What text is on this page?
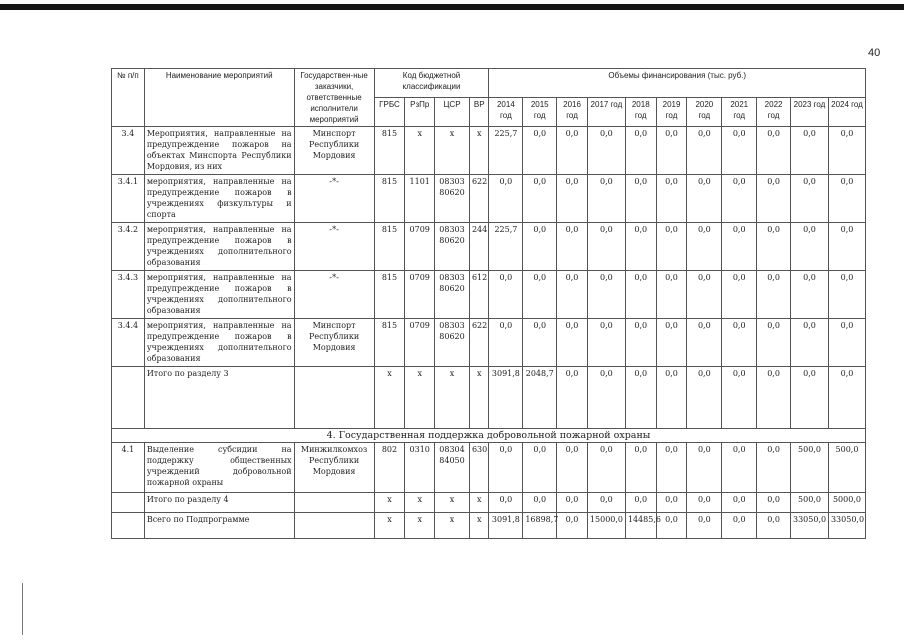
40
№ п/п	Наименование мероприятий	Государствен-ные заказчики, ответственные исполнители мероприятий	Код бюджетной классификации				Объемы финансирования (тыс. руб.)										
			ГРБС	РзПр	ЦСР	ВР	2014 год	2015 год	2016 год	2017 год	2018 год	2019 год	2020 год	2021 год	2022 год	2023 год	2024 год
3.4	Мероприятия, направленные на предупреждение пожаров на объектах Минспорта Республики Мордовия, из них	Минспорт Республики Мордовия	815	х	х	х	225,7	0,0	0,0	0,0	0,0	0,0	0,0	0,0	0,0	0,0	0,0
3.4.1	мероприятия, направленные на предупреждение пожаров в учреждениях физкультуры и спорта	-*-	815	1101	08303 80620	622	0,0	0,0	0,0	0,0	0,0	0,0	0,0	0,0	0,0	0,0	0,0
3.4.2	мероприятия, направленные на предупреждение пожаров в учреждениях дополнительного образования	-*-	815	0709	08303 80620	244	225,7	0,0	0,0	0,0	0,0	0,0	0,0	0,0	0,0	0,0	0,0
3.4.3	мероприятия, направленные на предупреждение пожаров в учреждениях дополнительного образования	-*-	815	0709	08303 80620	612	0,0	0,0	0,0	0,0	0,0	0,0	0,0	0,0	0,0	0,0	0,0
3.4.4	мероприятия, направленные на предупреждение пожаров в учреждениях дополнительного образования	Минспорт Республики Мордовия	815	0709	08303 80620	622	0,0	0,0	0,0	0,0	0,0	0,0	0,0	0,0	0,0	0,0	0,0
	Итого по разделу 3		х	х	х	х	3091,8	2048,7	0,0	0,0	0,0	0,0	0,0	0,0	0,0	0,0	0,0
4. Государственная поддержка добровольной пожарной охраны																	
4.1	Выделение субсидии на поддержку общественных учреждений добровольной пожарной охраны	Минжилкомхоз Республики Мордовия	802	0310	08304 84050	630	0,0	0,0	0,0	0,0	0,0	0,0	0,0	0,0	0,0	500,0	500,0
	Итого по разделу 4		х	х	х	х	0,0	0,0	0,0	0,0	0,0	0,0	0,0	0,0	0,0	500,0	5000,0
	Всего по Подпрограмме		х	х	х	х	3091,8	16898,7	0,0	15000,0	14485,6	0,0	0,0	0,0	0,0	33050,0	33050,0
